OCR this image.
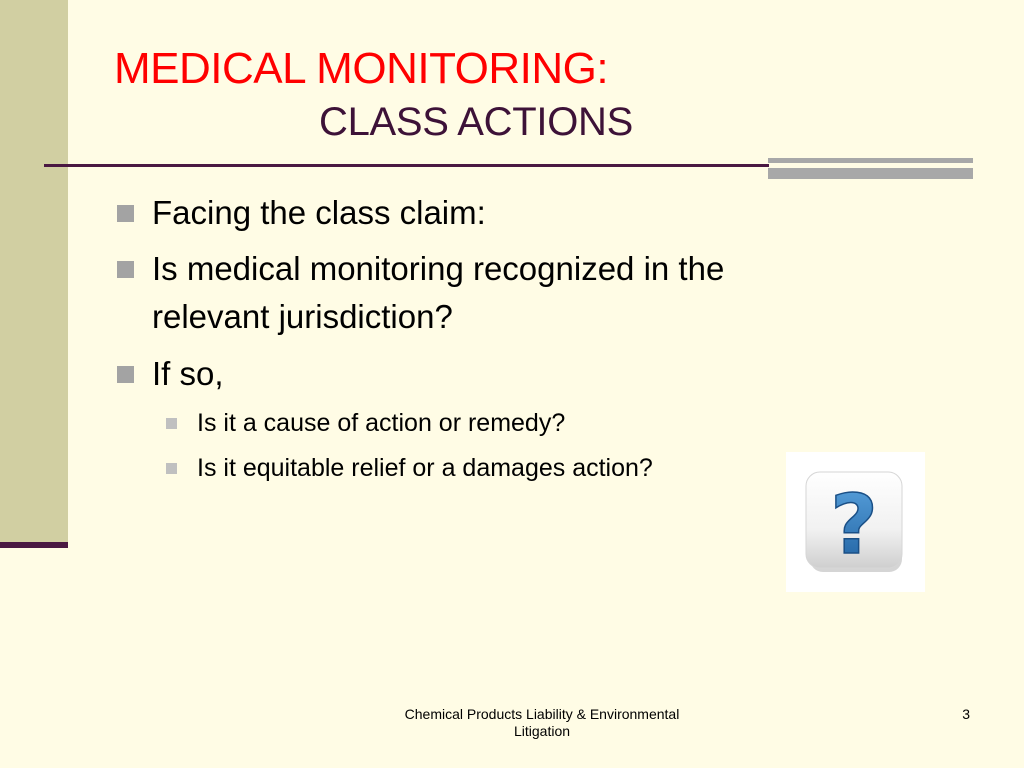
MEDICAL MONITORING:
CLASS ACTIONS
Facing the class claim:
Is medical monitoring recognized in the
relevant jurisdiction?
If so,
Is it a cause of action or remedy?
Is it equitable relief or a damages action?
?
Chemical Products Liability & Environmental
Litigation
3
